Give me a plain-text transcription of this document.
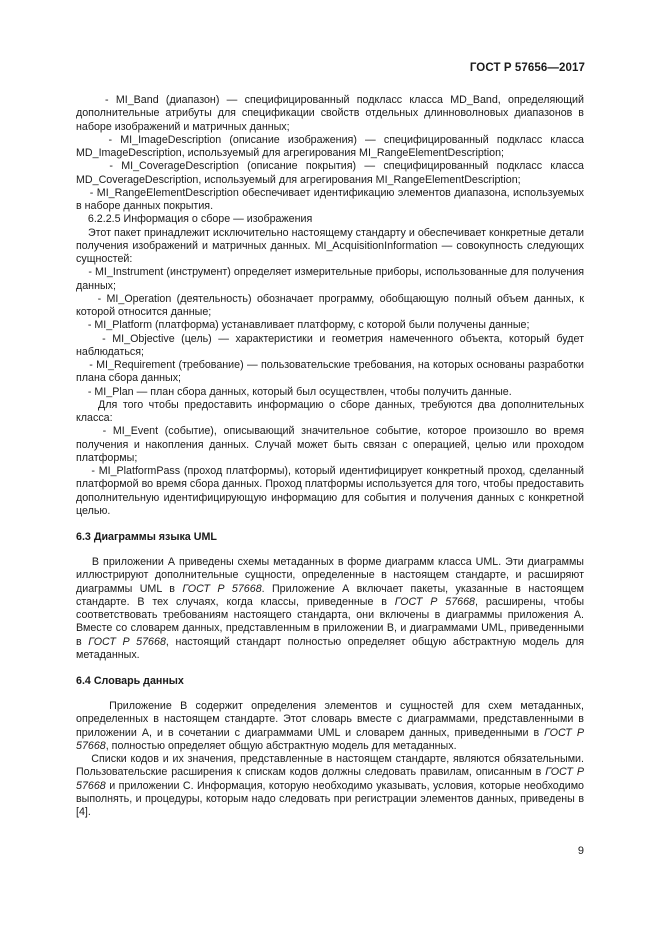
ГОСТ Р 57656—2017

- MI_Band (диапазон) — специфицированный подкласс класса MD_Band, определяющий дополнительные атрибуты для спецификации свойств отдельных длинноволновых диапазонов в наборе изображений и матричных данных;

- MI_ImageDescription (описание изображения) — специфицированный подкласс класса MD_ImageDescription, используемый для агрегирования MI_RangeElementDescription;

- MI_CoverageDescription (описание покрытия) — специфицированный подкласс класса MD_CoverageDescription, используемый для агрегирования MI_RangeElementDescription;

- MI_RangeElementDescription обеспечивает идентификацию элементов диапазона, используемых в наборе данных покрытия.

6.2.2.5 Информация о сборе — изображения

Этот пакет принадлежит исключительно настоящему стандарту и обеспечивает конкретные детали получения изображений и матричных данных. MI_AcquisitionInformation — совокупность следующих сущностей:

- MI_Instrument (инструмент) определяет измерительные приборы, использованные для получения данных;

- MI_Operation (деятельность) обозначает программу, обобщающую полный объем данных, к которой относится данные;

- MI_Platform (платформа) устанавливает платформу, с которой были получены данные;

- MI_Objective (цель) — характеристики и геометрия намеченного объекта, который будет наблюдаться;

- MI_Requirement (требование) — пользовательские требования, на которых основаны разработки плана сбора данных;

- MI_Plan — план сбора данных, который был осуществлен, чтобы получить данные.

Для того чтобы предоставить информацию о сборе данных, требуются два дополнительных класса:

- MI_Event (событие), описывающий значительное событие, которое произошло во время получения и накопления данных. Случай может быть связан с операцией, целью или проходом платформы;

- MI_PlatformPass (проход платформы), который идентифицирует конкретный проход, сделанный платформой во время сбора данных. Проход платформы используется для того, чтобы предоставить дополнительную идентифицирующую информацию для события и получения данных с конкретной целью.

6.3 Диаграммы языка UML

В приложении А приведены схемы метаданных в форме диаграмм класса UML. Эти диаграммы иллюстрируют дополнительные сущности, определенные в настоящем стандарте, и расширяют диаграммы UML в ГОСТ Р 57668. Приложение А включает пакеты, указанные в настоящем стандарте. В тех случаях, когда классы, приведенные в ГОСТ Р 57668, расширены, чтобы соответствовать требованиям настоящего стандарта, они включены в диаграммы приложения А. Вместе со словарем данных, представленным в приложении В, и диаграммами UML, приведенными в ГОСТ Р 57668, настоящий стандарт полностью определяет общую абстрактную модель для метаданных.

6.4 Словарь данных

Приложение В содержит определения элементов и сущностей для схем метаданных, определенных в настоящем стандарте. Этот словарь вместе с диаграммами, представленными в приложении А, и в сочетании с диаграммами UML и словарем данных, приведенными в ГОСТ Р 57668, полностью определяет общую абстрактную модель для метаданных.

Списки кодов и их значения, представленные в настоящем стандарте, являются обязательными. Пользовательские расширения к спискам кодов должны следовать правилам, описанным в ГОСТ Р 57668 и приложении С. Информация, которую необходимо указывать, условия, которые необходимо выполнять, и процедуры, которым надо следовать при регистрации элементов данных, приведены в [4].

9
